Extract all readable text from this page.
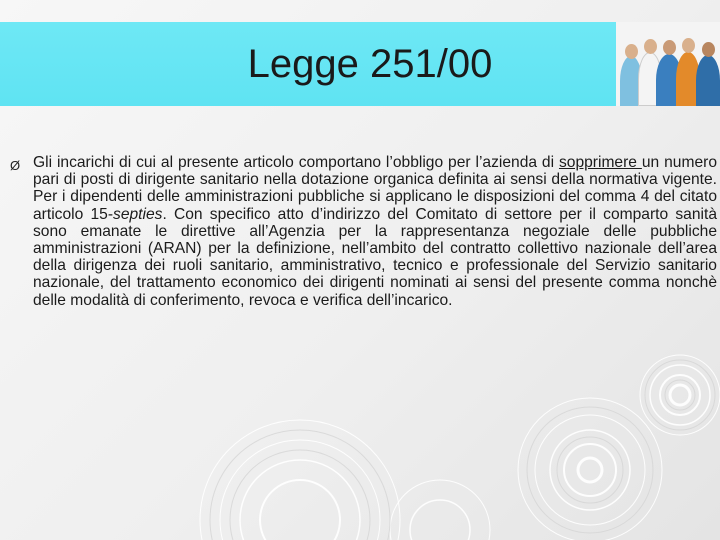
Legge 251/00
Ø Gli incarichi di cui al presente articolo comportano l’obbligo per l’azienda di sopprimere un numero pari di posti di dirigente sanitario nella dotazione organica definita ai sensi della normativa vigente. Per i dipendenti delle amministrazioni pubbliche si applicano le disposizioni del comma 4 del citato articolo 15-septies. Con specifico atto d’indirizzo del Comitato di settore per il comparto sanità sono emanate le direttive all’Agenzia per la rappresentanza negoziale delle pubbliche amministrazioni (ARAN) per la definizione, nell’ambito del contratto collettivo nazionale dell’area della dirigenza dei ruoli sanitario, amministrativo, tecnico e professionale del Servizio sanitario nazionale, del trattamento economico dei dirigenti nominati ai sensi del presente comma nonchè delle modalità di conferimento, revoca e verifica dell’incarico.
